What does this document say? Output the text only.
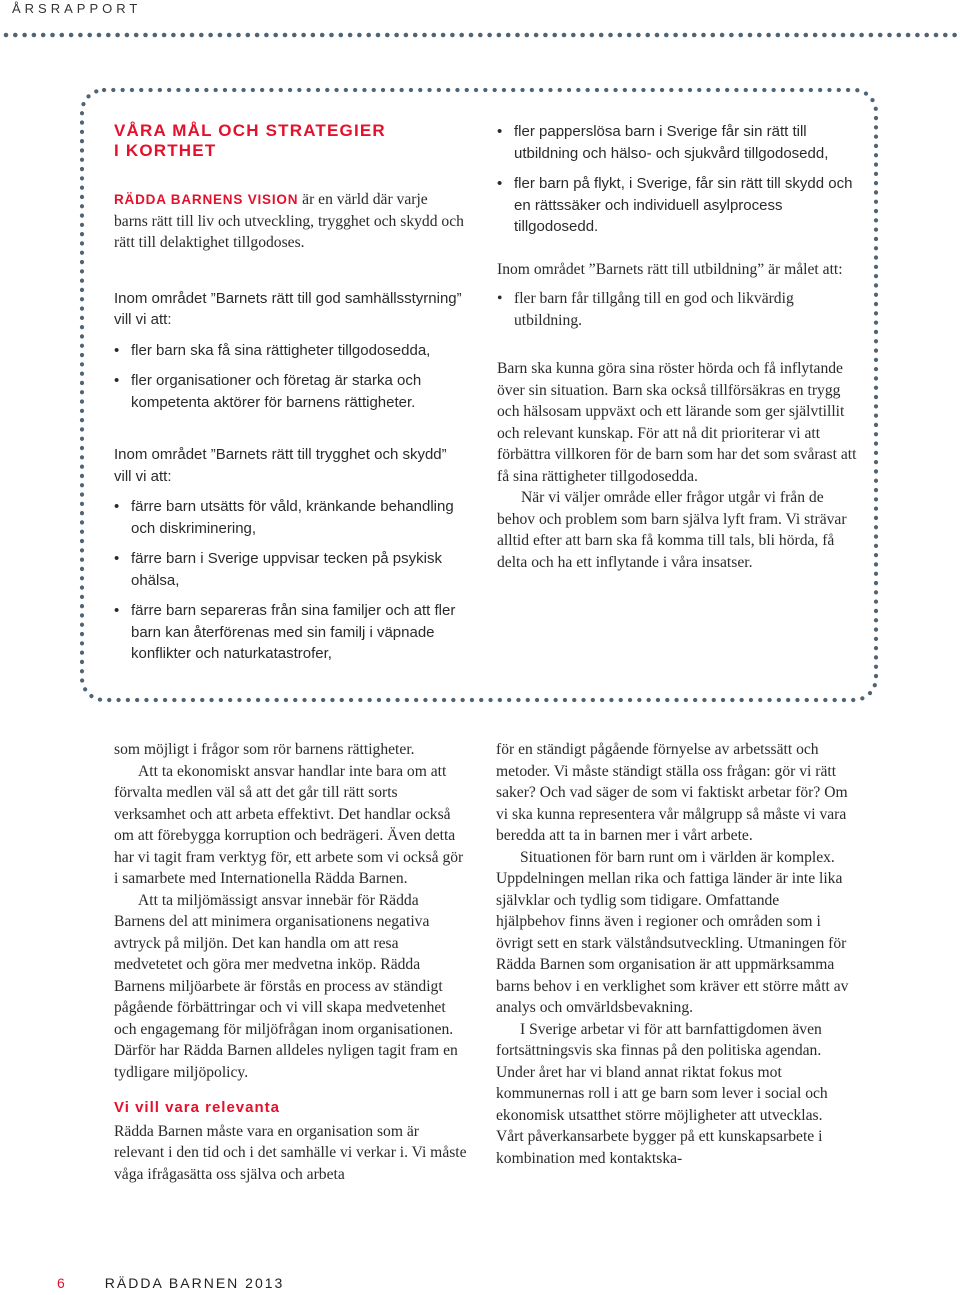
ÅRSRAPPORT
VÅRA MÅL OCH STRATEGIER
I KORTHET

RÄDDA BARNENS VISION är en värld där varje barns rätt till liv och utveckling, trygghet och skydd och rätt till delaktighet tillgodoses.

Inom området ”Barnets rätt till god samhällsstyrning” vill vi att:

• fler barn ska få sina rättigheter tillgodosedda,
• fler organisationer och företag är starka och kompetenta aktörer för barnens rättigheter.

Inom området ”Barnets rätt till trygghet och skydd” vill vi att:

• färre barn utsätts för våld, kränkande behandling och diskriminering,
• färre barn i Sverige uppvisar tecken på psykisk ohälsa,
• färre barn separeras från sina familjer och att fler barn kan återförenas med sin familj i väpnade konflikter och naturkatastrofer,
• fler papperslösa barn i Sverige får sin rätt till utbildning och hälso- och sjukvård tillgodosedd,
• fler barn på flykt, i Sverige, får sin rätt till skydd och en rättssäker och individuell asylprocess tillgodosedd.

Inom området ”Barnets rätt till utbildning” är målet att:

• fler barn får tillgång till en god och likvärdig utbildning.

Barn ska kunna göra sina röster hörda och få inflytande över sin situation. Barn ska också tillförsäkras en trygg och hälsosam uppväxt och ett lärande som ger självtillit och relevant kunskap. För att nå dit prioriterar vi att förbättra villkoren för de barn som har det som svårast att få sina rättigheter tillgodosedda.

När vi väljer område eller frågor utgår vi från de behov och problem som barn själva lyft fram. Vi strävar alltid efter att barn ska få komma till tals, bli hörda, få delta och ha ett inflytande i våra insatser.

som möjligt i frågor som rör barnens rättigheter.

Att ta ekonomiskt ansvar handlar inte bara om att förvalta medlen väl så att det går till rätt sorts verksamhet och att arbeta effektivt. Det handlar också om att förebygga korruption och bedrägeri. Även detta har vi tagit fram verktyg för, ett arbete som vi också gör i samarbete med Internationella Rädda Barnen.

Att ta miljömässigt ansvar innebär för Rädda Barnens del att minimera organisationens negativa avtryck på miljön. Det kan handla om att resa medvetetet och göra mer medvetna inköp. Rädda Barnens miljöarbete är förstås en process av ständigt pågående förbättringar och vi vill skapa medvetenhet och engagemang för miljöfrågan inom organisationen. Därför har Rädda Barnen alldeles nyligen tagit fram en tydligare miljöpolicy.

Vi vill vara relevanta

Rädda Barnen måste vara en organisation som är relevant i den tid och i det samhälle vi verkar i. Vi måste våga ifrågasätta oss själva och arbeta

för en ständigt pågående förnyelse av arbetssätt och metoder. Vi måste ständigt ställa oss frågan: gör vi rätt saker? Och vad säger de som vi faktiskt arbetar för? Om vi ska kunna representera vår målgrupp så måste vi vara beredda att ta in barnen mer i vårt arbete.

Situationen för barn runt om i världen är komplex. Uppdelningen mellan rika och fattiga länder är inte lika självklar och tydlig som tidigare. Omfattande hjälpbehov finns även i regioner och områden som i övrigt sett en stark välståndsutveckling. Utmaningen för Rädda Barnen som organisation är att uppmärksamma barns behov i en verklighet som kräver ett större mått av analys och omvärldsbevakning.

I Sverige arbetar vi för att barnfattigdomen även fortsättningsvis ska finnas på den politiska agendan. Under året har vi bland annat riktat fokus mot kommunernas roll i att ge barn som lever i social och ekonomisk utsatthet större möjligheter att utvecklas. Vårt påverkansarbete bygger på ett kunskapsarbete i kombination med kontaktska-

6	RÄDDA BARNEN 2013
